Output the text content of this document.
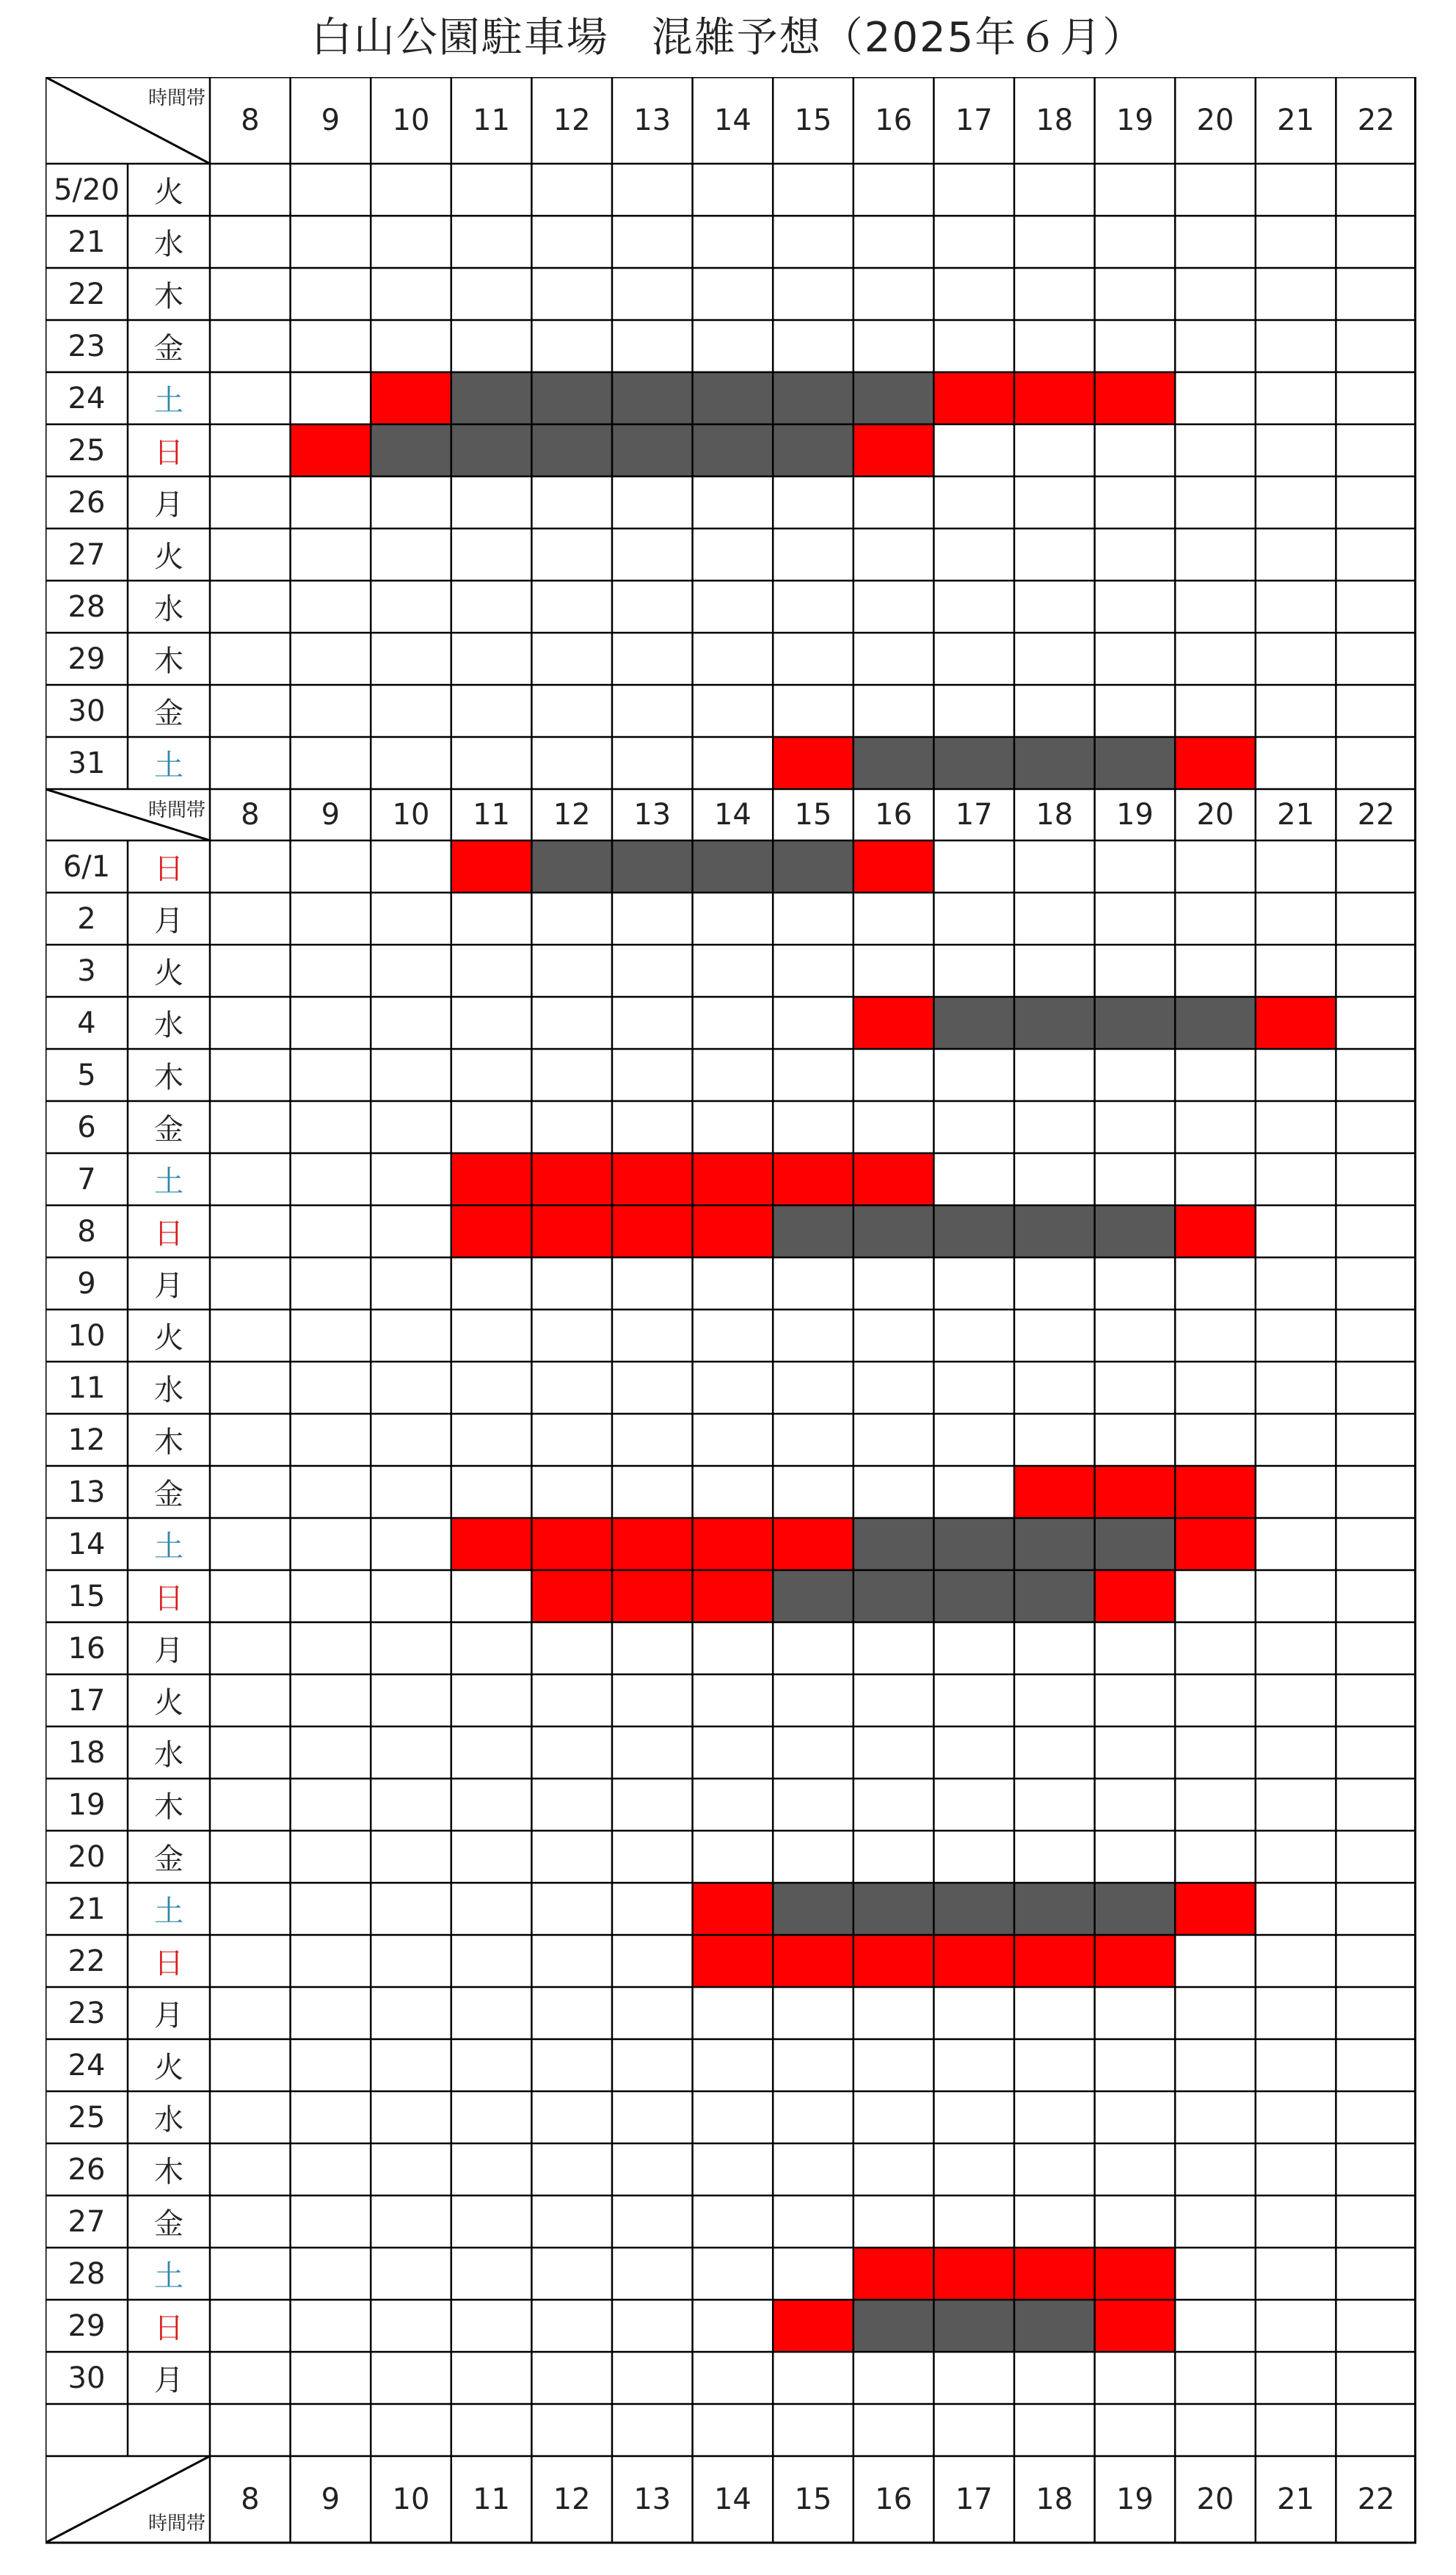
白山公園駐車場　混雑予想（2025年６月）
時間帯
8	9	10	11	12	13	14	15	16	17	18	19	20	21	22
5/20	火
21	水
22	木
23	金
24	土
25	日
26	月
27	火
28	水
29	木
30	金
31	土
時間帯	8	9	10	11	12	13	14	15	16	17	18	19	20	21	22
6/1	日
2	月
3	火
4	水
5	木
6	金
7	土
8	日
9	月
10	火
11	水
12	木
13	金
14	土
15	日
16	月
17	火
18	水
19	木
20	金
21	土
22	日
23	月
24	火
25	水
26	木
27	金
28	土
29	日
30	月
時間帯
8	9	10	11	12	13	14	15	16	17	18	19	20	21	22
